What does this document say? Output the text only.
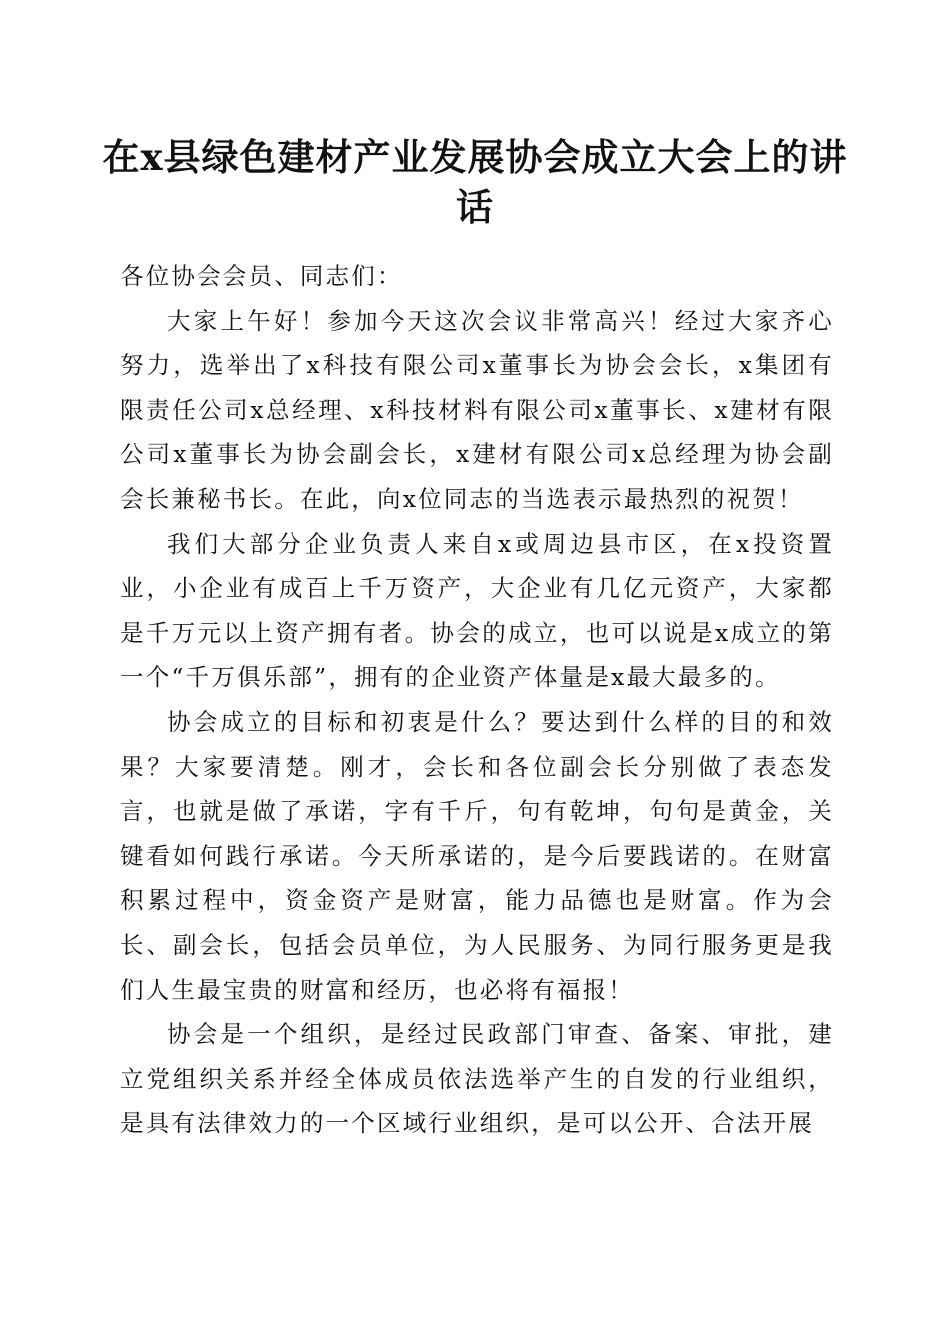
在x县绿色建材产业发展协会成立大会上的讲话

各位协会会员、同志们：

大家上午好！参加今天这次会议非常高兴！经过大家齐心努力，选举出了x科技有限公司x董事长为协会会长，x集团有限责任公司x总经理、x科技材料有限公司x董事长、x建材有限公司x董事长为协会副会长，x建材有限公司x总经理为协会副会长兼秘书长。在此，向x位同志的当选表示最热烈的祝贺！

我们大部分企业负责人来自x或周边县市区，在x投资置业，小企业有成百上千万资产，大企业有几亿元资产，大家都是千万元以上资产拥有者。协会的成立，也可以说是x成立的第一个“千万俱乐部”，拥有的企业资产体量是x最大最多的。

协会成立的目标和初衷是什么？要达到什么样的目的和效果？大家要清楚。刚才，会长和各位副会长分别做了表态发言，也就是做了承诺，字有千斤，句有乾坤，句句是黄金，关键看如何践行承诺。今天所承诺的，是今后要践诺的。在财富积累过程中，资金资产是财富，能力品德也是财富。作为会长、副会长，包括会员单位，为人民服务、为同行服务更是我们人生最宝贵的财富和经历，也必将有福报！

协会是一个组织，是经过民政部门审查、备案、审批，建立党组织关系并经全体成员依法选举产生的自发的行业组织，是具有法律效力的一个区域行业组织，是可以公开、合法开展
